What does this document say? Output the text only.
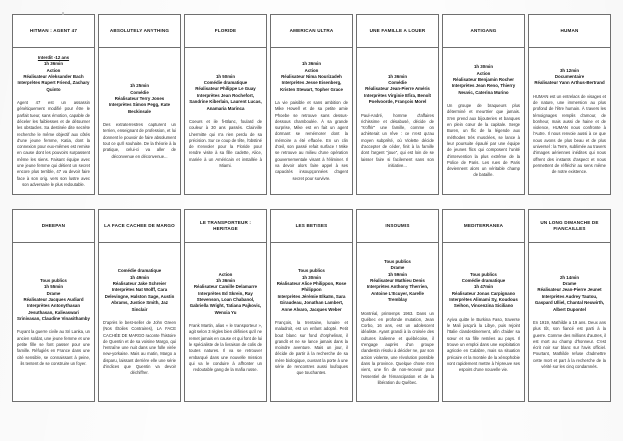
HITMAN : AGENT 47
Interdit -12 ans
1h 36min
Action
Réalisateur Aleksander Bach
Interprètes Rupert Friend, Zachary Quinto
Agent 47 est un assassin génétiquement modifié pour être le parfait tueur, sans émotion, capable de déceler les faiblesses et de détourner les obstacles. Sa destinée dite secrète recherche le même objectif aux côtés d'une jeune femme, Katia, dont la connexion pour eux-mêmes est remise en cause dont les pouvoirs surpassent même les siens. Faisant équipe avec une jeune femme qui détient un secret encore plus terrible, 47 va devoir faire face à son orig. vers son lustre avec son adversaire le plus redoutable.
ABSOLUTELY ANYTHING
1h 25min
Comédie
Réalisateur Terry Jones
Interprètes Simon Pegg, Kate Beckinsale
Des extraterrestres capturent un terrien, enseignant de profession, et lui donnent le pouvoir de faire absolument tout ce qu'il souhaite. De la théorie à la pratique, celui-ci va aller de déconvenue en déconvenue...
FLORIDE
1h 50min
Comédie dramatique
Réalisateur Philippe Le Guay
Interprètes Jean Rochefort, Sandrine Kiberlain, Laurent Lucas, Anamaria Marinca
Coeurs et ile fi-Blanc, foulard de couleur à 30 ans passés. Clairville Lhermitte qui n'a rien perdu de sa précision. Sur ce coup de tête, l'obstiné de s'envoler pour la Floride pour rendre visite à sa fille cadette, Alice, mariée à un Américain et installée à Miami.
AMERICAN ULTRA
1h 36min
Action
Réalisateur Nima Nourizadeh
Interprètes Jesse Eisenberg, Kristen Stewart, Topher Grace
La vie paisible et sans ambition de Mike Howell et de sa petite amie Phoebe se retrouve sans dessus-dessous chamboulée. À sa grande surprise, Mike est en fait un agent dormant se remémorer dont la mémoire a été effacée. En un clin d'œil, son passé refait surface ! Mike se retrouve au milieu d'une opération gouvernementale visant à l'éliminer. Il va devoir alors faire appel à ses capacités insoupçonnées d'agent secret pour survivre.
UNE FAMILLE A LOUER
1h 36min
Comédie
Réalisateur Jean-Pierre Améris
Interprètes Virginie Efira, Benoît Poelvoorde, François Morel
Paul-André, homme d'affaires richissime et désabusé, décide de "s'offrir" une famille, comme on achèterait un rêve : ce n'est qu'au moyen subprêté, où Violette décide d'accepter de céder, finit à la famille dont l'argent "joue", qui est loin de se laisser faire si facilement sans son initiative...
ANTIGANG
1h 30min
Action
Réalisateur Benjamin Rocher
Interprètes Jean Reno, Thierry Neuvic, Caterina Murino
Un groupe de braqueurs plus déterminé et meurtrier que jamais. S'en prend aux bijouteries et banques en plein cœur de la capitale. Serge Buren, un flic de la légende aux méthodes très musclées, se lance à leur poursuite épaulé par une équipe de jeunes flics qui composent l'unité d'intervention la plus extrême de la Police de Paris. Les rues de Paris deviennent alors un véritable champ de bataille.
HUMAN
3h 12min
Documentaire
Réalisateur Yann Arthus-Bertrand
HUMAN est un entrelacs de visages et de nature, une immersion au plus profond de l'être humain. À travers les témoignages remplis d'amour, de bonheur, mais aussi de haine et de violence, HUMAN nous confronte à l'Autre. Il nous renvoie aussi à ce que nous avons de plus beau et de plus universel : la Terre, sublimée au travers d'images aériennes inédites qui nous offrent des instants d'aspect et nous permettent de réfléchir au sens même de notre existence.
DHEEPAN
Tous publics
1h 55min
Drame
Réalisateur Jacques Audiard
Interprètes Antonythasan Jesuthasan, Kalieaswari Srinivasan, Claudine Vinasithamby
Fuyant la guerre civile au Sri Lanka, un ancien soldat, une jeune femme et une petite fille se font passer pour une famille. Réfugiés en France dans une cité sensible, se connaissant à peine, ils tentent de se construire un foyer.
LA FACE CACHEE DE MARGO
Comédie dramatique
1h 49min
Réalisateur Jake Schreier
Interprètes Nat Wolff, Cara Delevingne, Halston Sage, Austin Abrams, Justice Smith, Jaz Sinclair
D'après le best-seller de John Green (Nos Étoiles Contraires), LA FACE CACHÉE DE MARGO raconte l'histoire de Quentin et de sa voisine Margo, qui l'entraîne une nuit dans une folle virée new-yorkaise. Mais au matin, Margo a disparu, laissant derrière elle une série d'indices que Quentin va devoir déchiffrer.
LE TRANSPORTEUR : HERITAGE
Action
1h 36min
Réalisateur Camille Delamarre
Interprètes Ed Skrein, Ray Stevenson, Loan Chabanol, Gabriella Wright, Tatiana Pajkovic, Wenxia Yu
Frank Martin, alias « le transporteur », agit selon 3 règles bien définies qu'il ne remet jamais en cause et qui font de lui le spécialiste de la livraison de colis de toutes natures. Il va se retrouver embarqué dans une nouvelle mission qui va le conduire à affronter un redoutable gang de la mafia russe.
LES BETISES
Tous publics
1h 30min
Réalisateur Alice Philippon, Rose Philippon
Interprètes Jérémie Elkaïm, Sara Giraudeau, Jonathan Lambert, Anne Alvaro, Jacques Weber
François, la trentaine, lunaire et maladroit, est un enfant adopté. Petit bout blanc sur fond d'orphelinat, il grandit et ne se lance jamais dans la moindre aventure. Mais un jour, il décide de partir à la recherche de sa mère biologique, ouvrant la porte à une série de rencontres aussi loufoques que touchantes.
INSOUMIS
Tous publics
Drame
1h 59min
Réalisateur Mathieu Denis
Interprètes Anthony Therrien, Antoine L'Ecuyer, Karelle Tremblay
Montréal, printemps 1963. Dans un Québec en profonde mutation, Jean Corbo, 16 ans, est un adolescent idéaliste. Ayant grandi à la croisée des cultures italienne et québécoise, il s'engage auprès d'un groupe clandestin résolu à décider ne, par son action violente, une révolution possible dans la province. Quelque chose s'en vient, une fin de non-recevoir pour l'essentiel de l'émancipation et de la libération du Québec.
MEDITERRANEA
Tous publics
Comédie dramatique
1h 47min
Réalisateur Jonas Carpignano
Interprètes Alimami Sy, Koudous Seihon, Vincenzina Siciliano
Ayiva quitte le Burkina Faso, traverse le Mali jusqu'à la Libye, puis rejoint l'Italie clandestinement, afin d'aider sa sœur et sa fille restées au pays. Il trouve un emploi dans une exploitation agricole en Calabre, mais sa situation précaire et la montée de la xénophobie vont rapidement mettre à l'épreuve ses espoirs d'une nouvelle vie.
UN LONG DIMANCHE DE FIANCAILLES
2h 14min
Drame
Réalisateur Jean-Pierre Jeunet
Interprètes Audrey Tautou, Gaspard Ulliel, Chantal Neuwirth, Albert Dupontel
En 1919, Mathilde a 19 ans. Deux ans plus tôt, son fiancé est parti à la guerre. Comme des millions d'autres, il est mort au champ d'honneur. C'est écrit noir sur blanc sur l'avis officiel. Pourtant, Mathilde refuse d'admettre cette mort et part à la recherche de la vérité sur les cinq condamnés.
